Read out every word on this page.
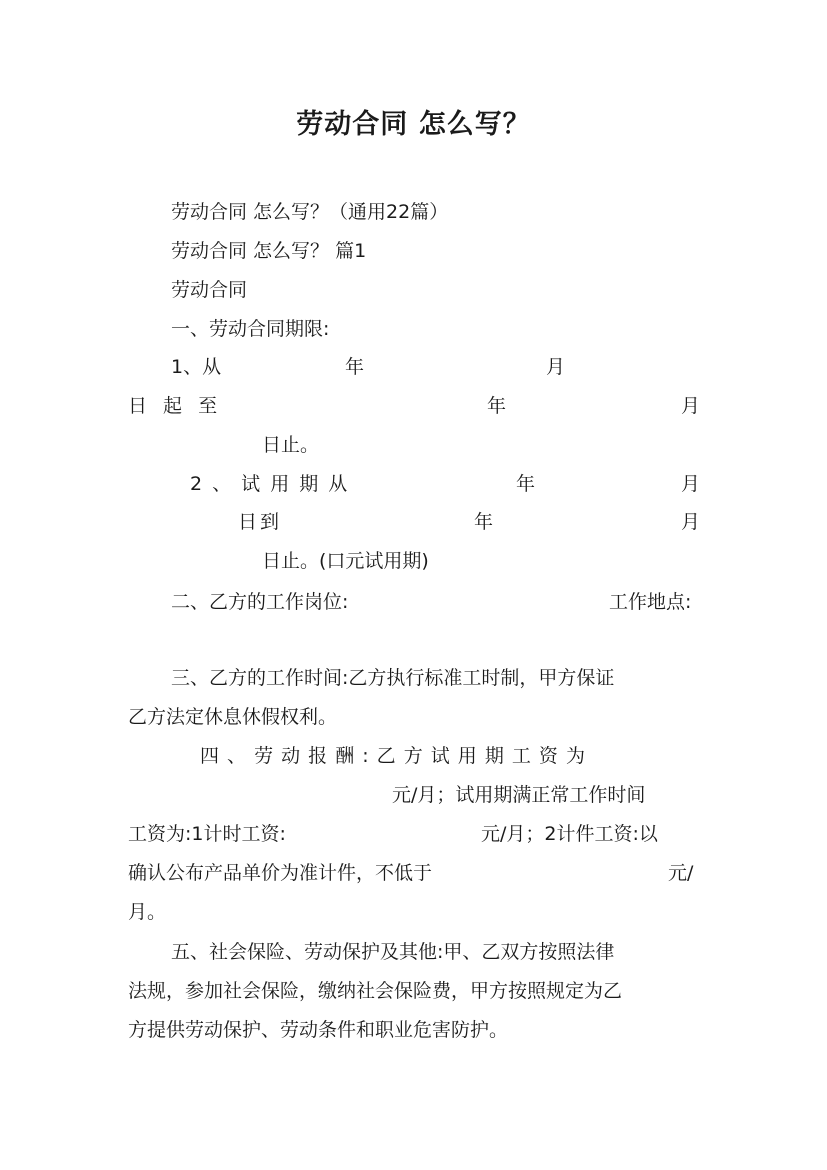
劳动合同 怎么写？
劳动合同 怎么写？（通用22篇）
劳动合同 怎么写？ 篇1
劳动合同
一、劳动合同期限:
1、从	年	月
日 起 至	年	月
日止。
2 、 试 用 期 从	年	月
日到	年	月
日止。(口元试用期)
二、乙方的工作岗位:	工作地点:
三、乙方的工作时间:乙方执行标准工时制，甲方保证
乙方法定休息休假权利。
四 、 劳 动 报 酬 : 乙 方 试 用 期 工 资 为
元/月；试用期满正常工作时间
工资为:1计时工资:	元/月；2计件工资:以
确认公布产品单价为准计件，不低于	元/
月。
五、社会保险、劳动保护及其他:甲、乙双方按照法律
法规，参加社会保险，缴纳社会保险费，甲方按照规定为乙
方提供劳动保护、劳动条件和职业危害防护。
